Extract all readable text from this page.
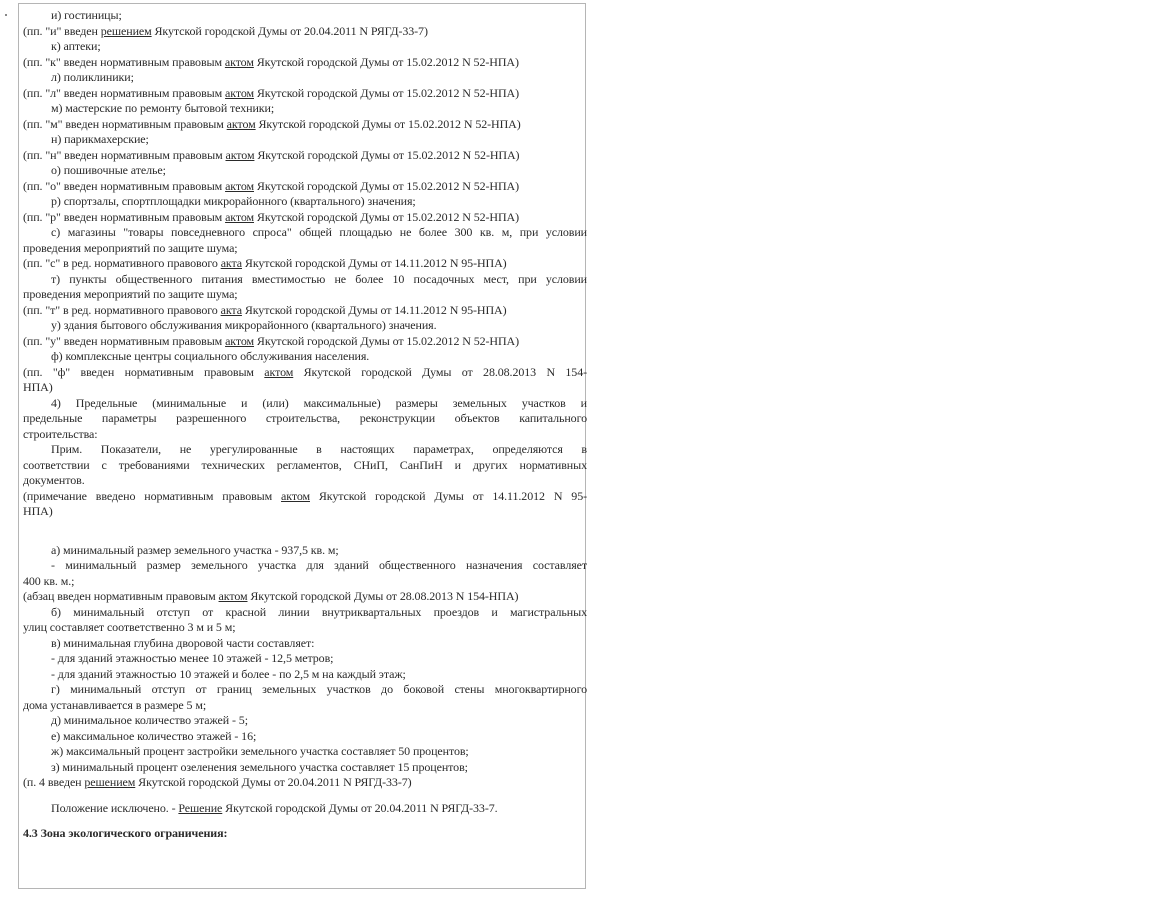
и) гостиницы;
(пп. "и" введен решением Якутской городской Думы от 20.04.2011 N РЯГД-33-7)
к) аптеки;
(пп. "к" введен нормативным правовым актом Якутской городской Думы от 15.02.2012 N 52-НПА)
л) поликлиники;
(пп. "л" введен нормативным правовым актом Якутской городской Думы от 15.02.2012 N 52-НПА)
м) мастерские по ремонту бытовой техники;
(пп. "м" введен нормативным правовым актом Якутской городской Думы от 15.02.2012 N 52-НПА)
н) парикмахерские;
(пп. "н" введен нормативным правовым актом Якутской городской Думы от 15.02.2012 N 52-НПА)
о) пошивочные ателье;
(пп. "о" введен нормативным правовым актом Якутской городской Думы от 15.02.2012 N 52-НПА)
р) спортзалы, спортплощадки микрорайонного (квартального) значения;
(пп. "р" введен нормативным правовым актом Якутской городской Думы от 15.02.2012 N 52-НПА)
с) магазины "товары повседневного спроса" общей площадью не более 300 кв. м, при условии
проведения мероприятий по защите шума;
(пп. "с" в ред. нормативного правового акта Якутской городской Думы от 14.11.2012 N 95-НПА)
т) пункты общественного питания вместимостью не более 10 посадочных мест, при условии
проведения мероприятий по защите шума;
(пп. "т" в ред. нормативного правового акта Якутской городской Думы от 14.11.2012 N 95-НПА)
у) здания бытового обслуживания микрорайонного (квартального) значения.
(пп. "у" введен нормативным правовым актом Якутской городской Думы от 15.02.2012 N 52-НПА)
ф) комплексные центры социального обслуживания населения.
(пп. "ф" введен нормативным правовым актом Якутской городской Думы от 28.08.2013 N 154-
НПА)
4) Предельные (минимальные и (или) максимальные) размеры земельных участков и
предельные параметры разрешенного строительства, реконструкции объектов капитального
строительства:
Прим. Показатели, не урегулированные в настоящих параметрах, определяются в
соответствии с требованиями технических регламентов, СНиП, СанПиН и других нормативных
документов.
(примечание введено нормативным правовым актом Якутской городской Думы от 14.11.2012 N 95-
НПА)
а) минимальный размер земельного участка - 937,5 кв. м;
- минимальный размер земельного участка для зданий общественного назначения составляет
400 кв. м.;
(абзац введен нормативным правовым актом Якутской городской Думы от 28.08.2013 N 154-НПА)
б) минимальный отступ от красной линии внутриквартальных проездов и магистральных
улиц составляет соответственно 3 м и 5 м;
в) минимальная глубина дворовой части составляет:
- для зданий этажностью менее 10 этажей - 12,5 метров;
- для зданий этажностью 10 этажей и более - по 2,5 м на каждый этаж;
г) минимальный отступ от границ земельных участков до боковой стены многоквартирного
дома устанавливается в размере 5 м;
д) минимальное количество этажей - 5;
е) максимальное количество этажей - 16;
ж) максимальный процент застройки земельного участка составляет 50 процентов;
з) минимальный процент озеленения земельного участка составляет 15 процентов;
(п. 4 введен решением Якутской городской Думы от 20.04.2011 N РЯГД-33-7)
Положение исключено. - Решение Якутской городской Думы от 20.04.2011 N РЯГД-33-7.
4.3 Зона экологического ограничения:
